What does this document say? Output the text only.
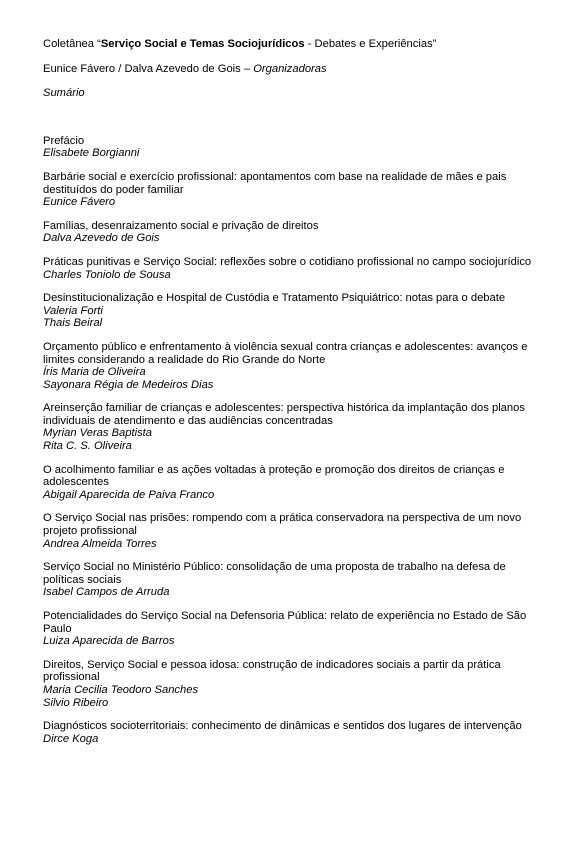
Coletânea “Serviço Social e Temas Sociojurídicos - Debates e Experiências”

Eunice Fávero / Dalva Azevedo de Gois – Organizadoras

Sumário

Prefácio
Elisabete Borgianni
Barbárie social e exercício profissional: apontamentos com base na realidade de mães e pais destituídos do poder familiar
Eunice Fávero
Famílias, desenraizamento social e privação de direitos
Dalva Azevedo de Gois
Práticas punitivas e Serviço Social: reflexões sobre o cotidiano profissional no campo sociojurídico
Charles Toniolo de Sousa
Desinstitucionalização e Hospital de Custódia e Tratamento Psiquiátrico: notas para o debate
Valeria Forti
Thais Beiral
Orçamento público e enfrentamento à violência sexual contra crianças e adolescentes: avanços e limites considerando a realidade do Rio Grande do Norte
Íris Maria de Oliveira
Sayonara Régia de Medeiros Dias
Areinserção familiar de crianças e adolescentes: perspectiva histórica da implantação dos planos individuais de atendimento e das audiências concentradas
Myrian Veras Baptista
Rita C. S. Oliveira
O acolhimento familiar e as ações voltadas à proteção e promoção dos direitos de crianças e adolescentes
Abigail Aparecida de Paiva Franco
O Serviço Social nas prisões: rompendo com a prática conservadora na perspectiva de um novo projeto profissional
Andrea Almeida Torres
Serviço Social no Ministério Público: consolidação de uma proposta de trabalho na defesa de políticas sociais
Isabel Campos de Arruda
Potencialidades do Serviço Social na Defensoria Pública: relato de experiência no Estado de São Paulo
Luiza Aparecida de Barros
Direitos, Serviço Social e pessoa idosa: construção de indicadores sociais a partir da prática profissional
Maria Cecilia Teodoro Sanches
Silvio Ribeiro
Diagnósticos socioterritoriais: conhecimento de dinâmicas e sentidos dos lugares de intervenção
Dirce Koga
